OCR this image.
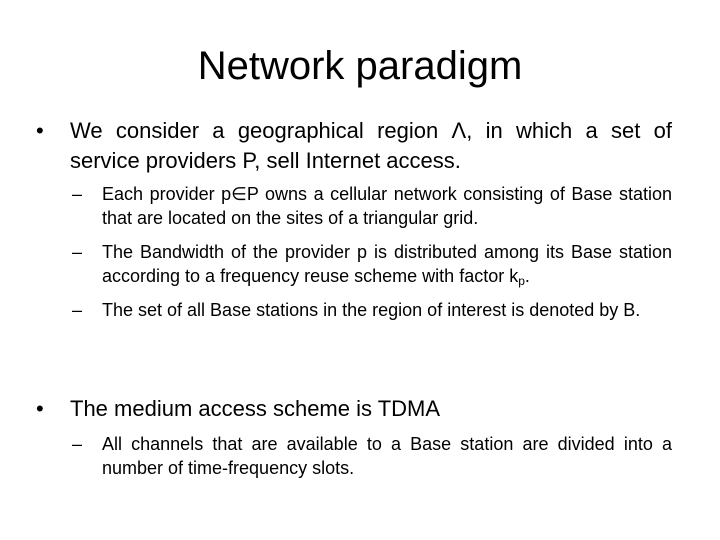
Network paradigm
•	We consider a geographical region Λ, in which a set of service providers P, sell Internet access.
–	Each provider p∈P owns a cellular network consisting of Base station that are located on the sites of a triangular grid.
–	The Bandwidth of the provider p is distributed among its Base station according to a frequency reuse scheme with factor $k_p$.
–	The set of all Base stations in the region of interest is denoted by B.
•	The medium access scheme is TDMA
–	All channels that are available to a Base station are divided into a number of time-frequency slots.
